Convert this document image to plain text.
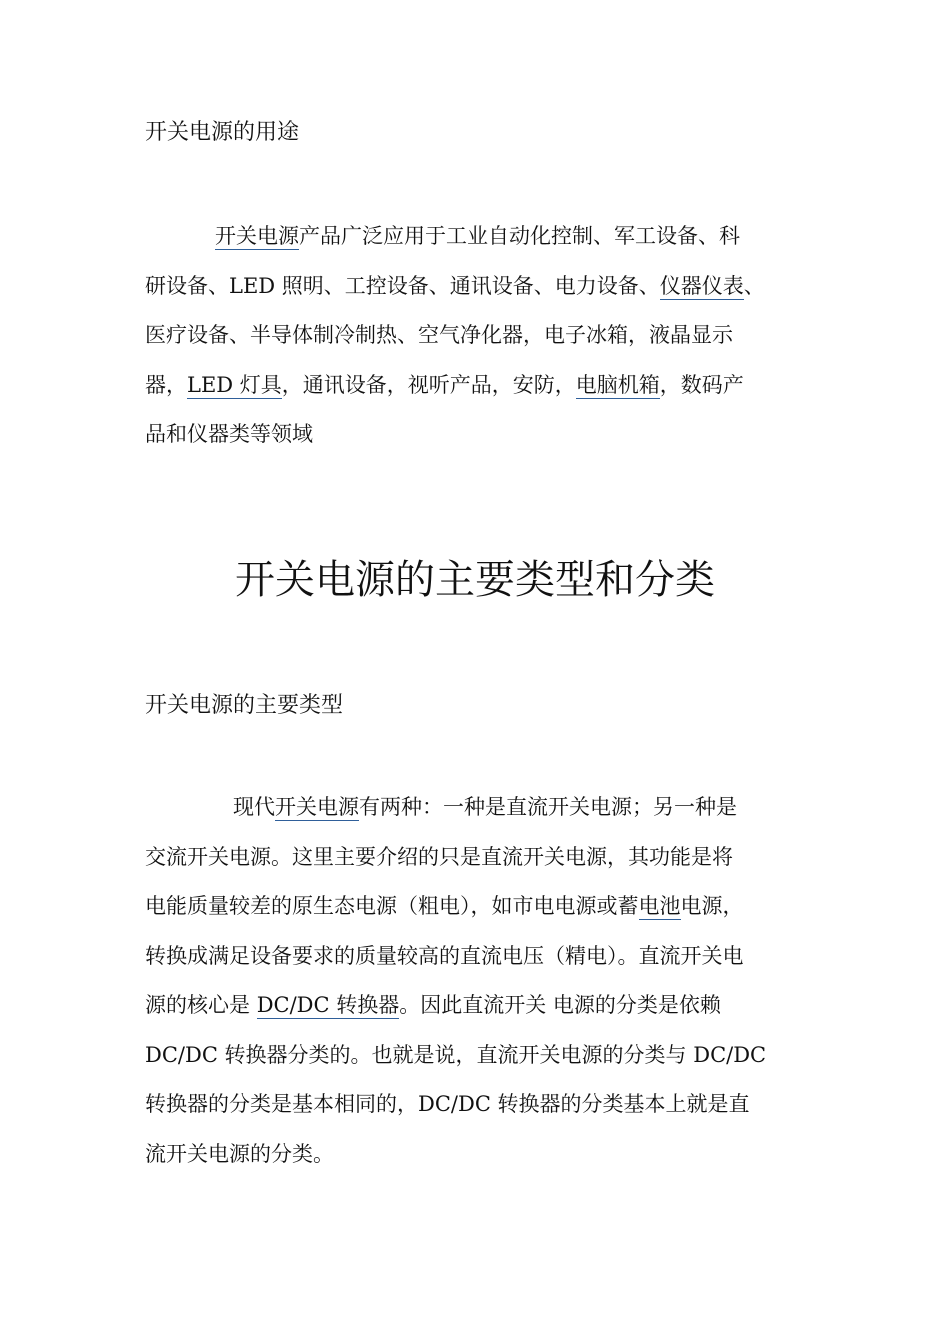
开关电源的用途

开关电源产品广泛应用于工业自动化控制、军工设备、科
研设备、LED 照明、工控设备、通讯设备、电力设备、仪器仪表、
医疗设备、半导体制冷制热、空气净化器，电子冰箱，液晶显示
器，LED 灯具，通讯设备，视听产品，安防，电脑机箱，数码产
品和仪器类等领域

开关电源的主要类型和分类
开关电源的主要类型

现代开关电源有两种：一种是直流开关电源；另一种是
交流开关电源。这里主要介绍的只是直流开关电源，其功能是将
电能质量较差的原生态电源（粗电），如市电电源或蓄电池电源，
转换成满足设备要求的质量较高的直流电压（精电）。直流开关电
源的核心是 DC/DC 转换器。因此直流开关 电源的分类是依赖
DC/DC 转换器分类的。也就是说，直流开关电源的分类与 DC/DC
转换器的分类是基本相同的，DC/DC 转换器的分类基本上就是直
流开关电源的分类。
